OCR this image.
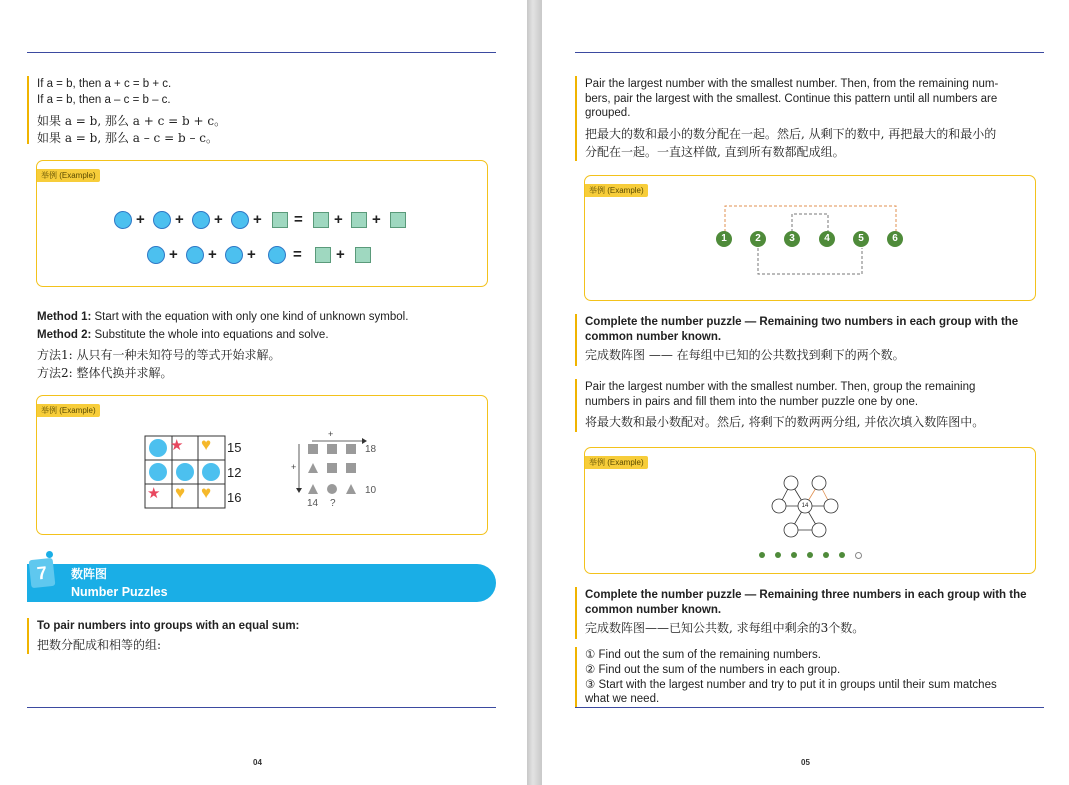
If a = b, then a + c = b + c.
If a = b, then a – c = b – c.
如果 a = b, 那么 a + c = b + c。
如果 a = b, 那么 a – c = b – c。
举例 (Example)
+ + + + = + +
+ + + = +
Method 1: Start with the equation with only one kind of unknown symbol.
Method 2: Substitute the whole into equations and solve.
方法1: 从只有一种未知符号的等式开始求解。
方法2: 整体代换并求解。
举例 (Example)
★ ♥
★ ♥ ♥
15
12
16
+
+
18
10
14 ?
7	数阵图
Number Puzzles
To pair numbers into groups with an equal sum:
把数分配成和相等的组:
04
Pair the largest number with the smallest number. Then, from the remaining num-
bers, pair the largest with the smallest. Continue this pattern until all numbers are
grouped.
把最大的数和最小的数分配在一起。然后, 从剩下的数中, 再把最大的和最小的
分配在一起。一直这样做, 直到所有数都配成组。
举例 (Example)
1	2	3	4	5	6
Complete the number puzzle — Remaining two numbers in each group with the
common number known.
完成数阵图 —— 在每组中已知的公共数找到剩下的两个数。
Pair the largest number with the smallest number. Then, group the remaining
numbers in pairs and fill them into the number puzzle one by one.
将最大数和最小数配对。然后, 将剩下的数两两分组, 并依次填入数阵图中。
举例 (Example)
14
Complete the number puzzle — Remaining three numbers in each group with the
common number known.
完成数阵图——已知公共数, 求每组中剩余的3个数。
① Find out the sum of the remaining numbers.
② Find out the sum of the numbers in each group.
③ Start with the largest number and try to put it in groups until their sum matches
what we need.
05
